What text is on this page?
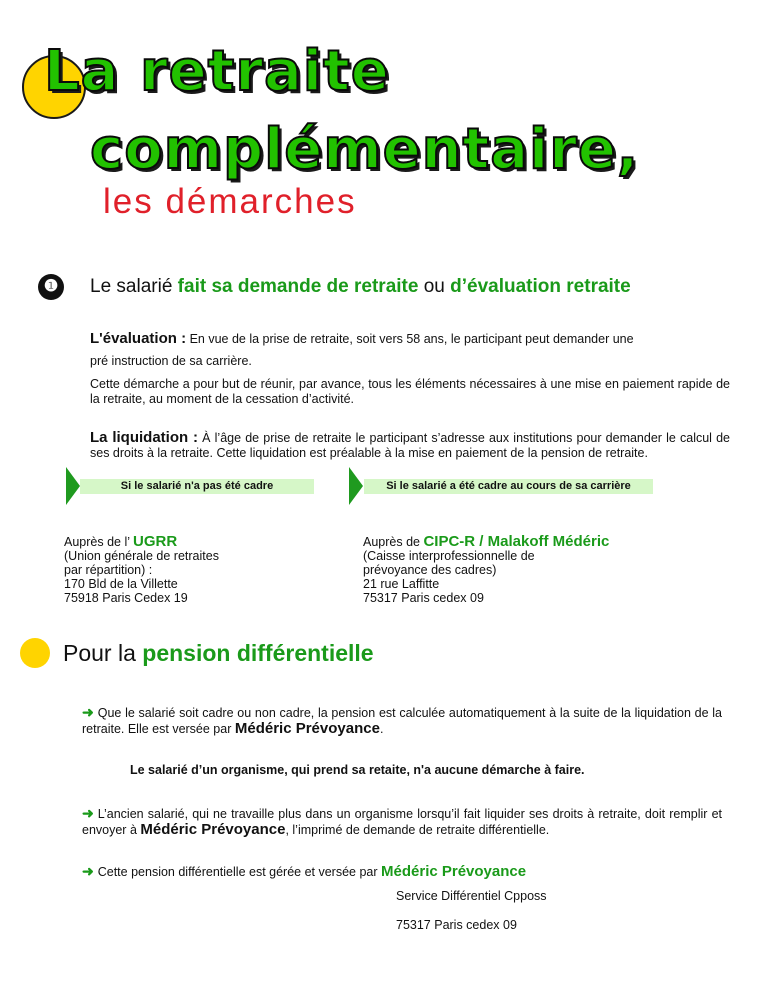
La retraite
complémentaire,
les démarches
❶	Le salarié fait sa demande de retraite ou d’évaluation retraite
L'évaluation : En vue de la prise de retraite, soit vers 58 ans, le participant peut demander une
pré instruction de sa carrière.
Cette démarche a pour but de réunir, par avance, tous les éléments nécessaires à une mise en paiement rapide de la retraite, au moment de la cessation d’activité.
La liquidation : À l’âge de prise de retraite le participant s’adresse aux institutions pour demander le calcul de ses droits à la retraite. Cette liquidation est préalable à la mise en paiement de la pension de retraite.
Si le salarié n'a pas été cadre	Si le salarié a été cadre au cours de sa carrière
Auprès de l’ UGRR
(Union générale de retraites
par répartition) :
170 Bld de la Villette
75918 Paris Cedex 19
Auprès de CIPC-R / Malakoff Médéric
(Caisse interprofessionnelle de
prévoyance des cadres)
21 rue Laffitte
75317 Paris cedex 09
Pour la pension différentielle
➜ Que le salarié soit cadre ou non cadre, la pension est calculée automatiquement à la suite de la liquidation de la retraite. Elle est versée par Médéric Prévoyance.
Le salarié d’un organisme, qui prend sa retaite, n'a aucune démarche à faire.
➜ L’ancien salarié, qui ne travaille plus dans un organisme lorsqu’il fait liquider ses droits à retraite, doit remplir et envoyer à Médéric Prévoyance, l’imprimé de demande de retraite différentielle.
➜ Cette pension différentielle est gérée et versée par Médéric Prévoyance
Service Différentiel Cpposs
75317 Paris cedex 09
